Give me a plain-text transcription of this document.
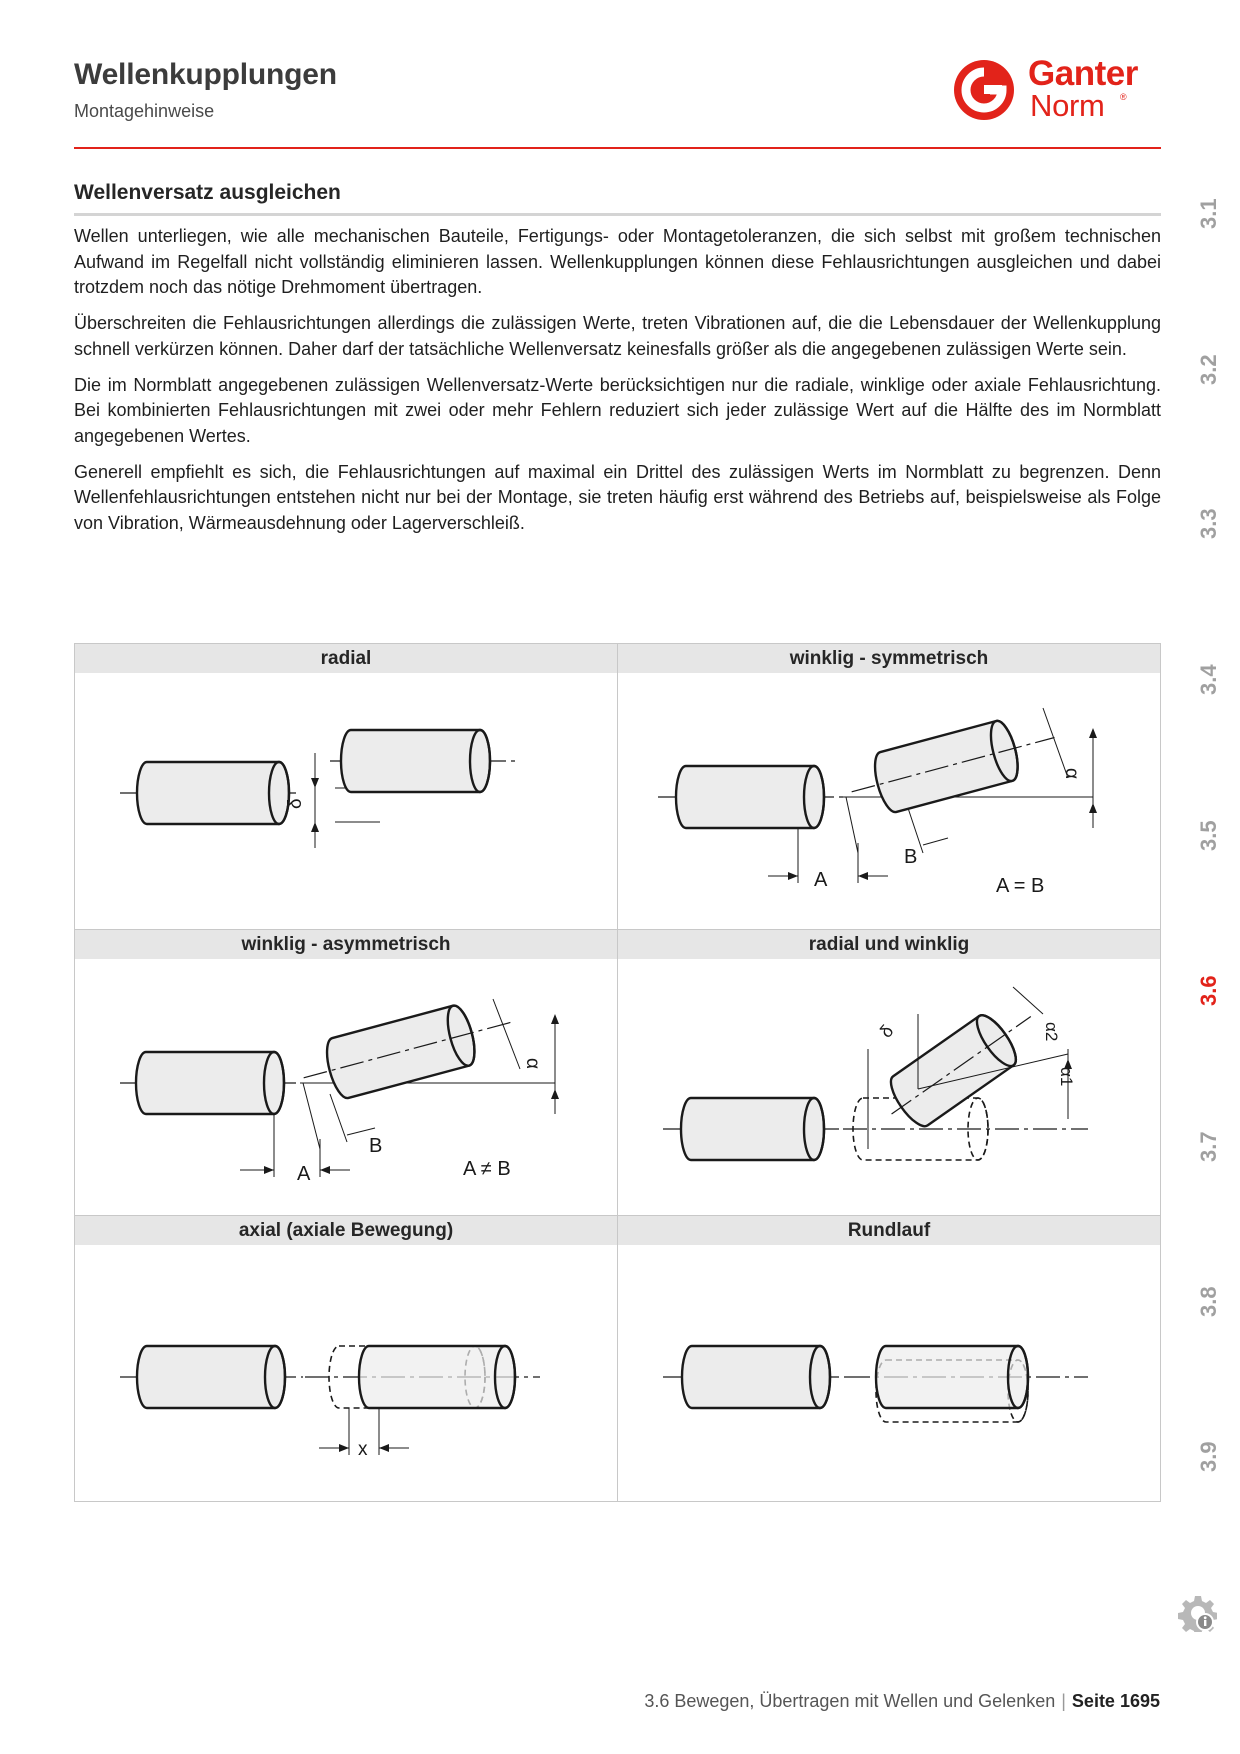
Wellenkupplungen
Montagehinweise
Ganter
Norm ®
Wellenversatz ausgleichen

Wellen unterliegen, wie alle mechanischen Bauteile, Fertigungs- oder Montagetoleranzen, die sich selbst mit großem technischen Aufwand im Regelfall nicht vollständig eliminieren lassen. Wellenkupplungen können diese Fehlausrichtungen ausgleichen und dabei trotzdem noch das nötige Drehmoment übertragen.

Überschreiten die Fehlausrichtungen allerdings die zulässigen Werte, treten Vibrationen auf, die die Lebensdauer der Wellenkupplung schnell verkürzen können. Daher darf der tatsächliche Wellenversatz keinesfalls größer als die angegebenen zulässigen Werte sein.

Die im Normblatt angegebenen zulässigen Wellenversatz-Werte berücksichtigen nur die radiale, winklige oder axiale Fehlausrichtung. Bei kombinierten Fehlausrichtungen mit zwei oder mehr Fehlern reduziert sich jeder zulässige Wert auf die Hälfte des im Normblatt angegebenen Wertes.

Generell empfiehlt es sich, die Fehlausrichtungen auf maximal ein Drittel des zulässigen Werts im Normblatt zu begrenzen. Denn Wellenfehlausrichtungen entstehen nicht nur bei der Montage, sie treten häufig erst während des Betriebs auf, beispielsweise als Folge von Vibration, Wärmeausdehnung oder Lagerverschleiß.

3.1
3.2
3.3
3.4
3.5
3.6
3.7
3.8
3.9
radial	winklig - symmetrisch
winklig - asymmetrisch	radial und winklig
axial (axiale Bewegung)	Rundlauf
δ
α
A
B
A = B
α
A
B
A ≠ B
δ	α2
α1
x
3.6 Bewegen, Übertragen mit Wellen und Gelenken | Seite 1695
